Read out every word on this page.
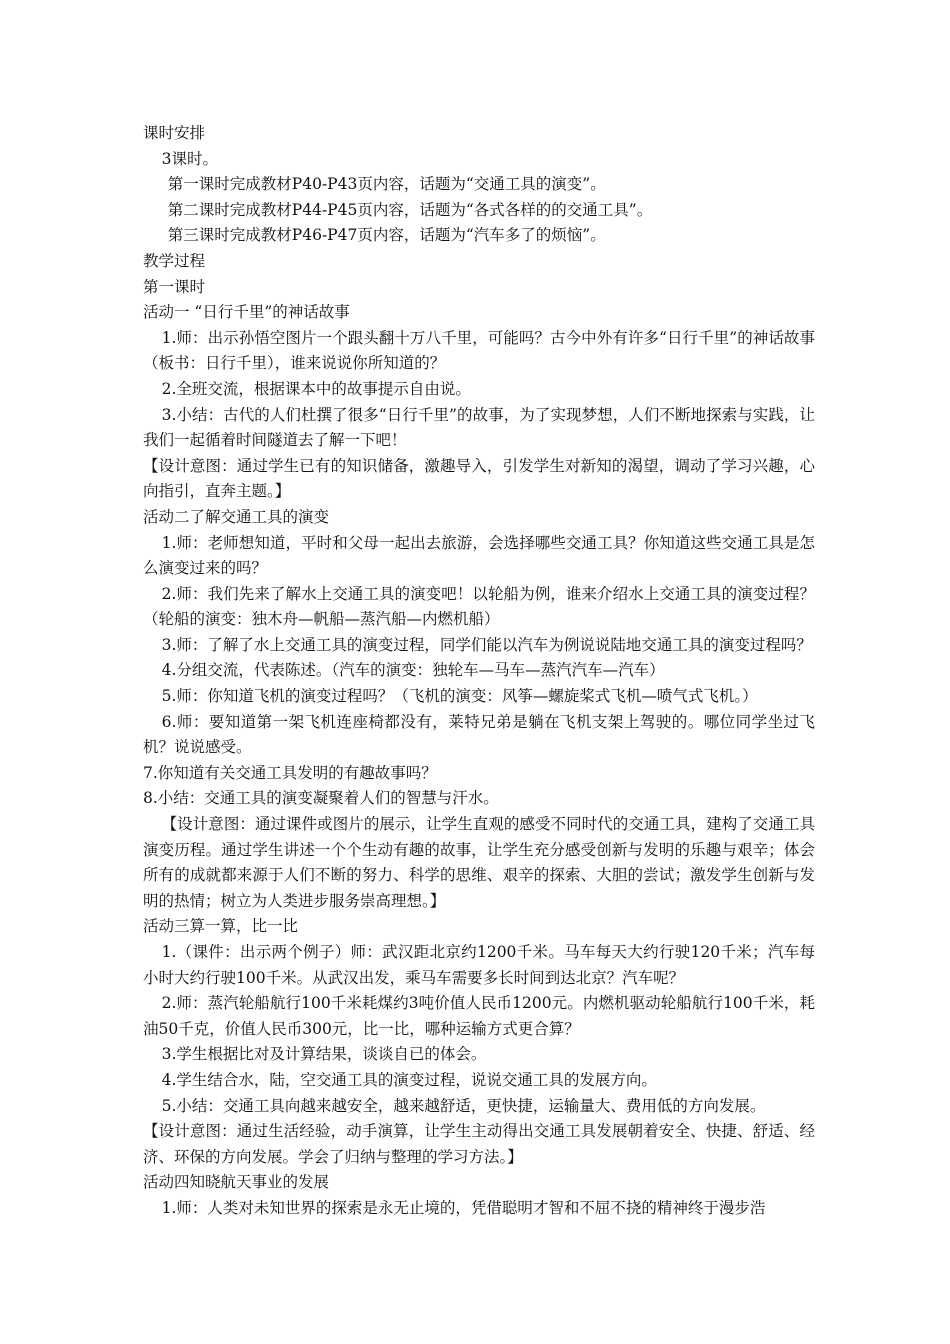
课时安排

3课时。

第一课时完成教材P40-P43页内容，话题为“交通工具的演变”。

第二课时完成教材P44-P45页内容，话题为“各式各样的的交通工具”。

第三课时完成教材P46-P47页内容，话题为“汽车多了的烦恼”。

教学过程

第一课时

活动一 “日行千里”的神话故事

1.师：出示孙悟空图片一个跟头翻十万八千里，可能吗？古今中外有许多“日行千里”的神话故事（板书：日行千里），谁来说说你所知道的？

2.全班交流，根据课本中的故事提示自由说。

3.小结：古代的人们杜撰了很多“日行千里”的故事，为了实现梦想，人们不断地探索与实践，让我们一起循着时间隧道去了解一下吧！

【设计意图：通过学生已有的知识储备，激趣导入，引发学生对新知的渴望，调动了学习兴趣，心向指引，直奔主题。】

活动二了解交通工具的演变

1.师：老师想知道，平时和父母一起出去旅游，会选择哪些交通工具？你知道这些交通工具是怎么演变过来的吗？

2.师：我们先来了解水上交通工具的演变吧！以轮船为例，谁来介绍水上交通工具的演变过程？（轮船的演变：独木舟—帆船—蒸汽船—内燃机船）

3.师：了解了水上交通工具的演变过程，同学们能以汽车为例说说陆地交通工具的演变过程吗？

4.分组交流，代表陈述。（汽车的演变：独轮车—马车—蒸汽汽车—汽车）

5.师：你知道飞机的演变过程吗？（飞机的演变：风筝—螺旋桨式飞机—喷气式飞机。）

6.师：要知道第一架飞机连座椅都没有，莱特兄弟是躺在飞机支架上驾驶的。哪位同学坐过飞机？说说感受。

7.你知道有关交通工具发明的有趣故事吗？

8.小结：交通工具的演变凝聚着人们的智慧与汗水。

【设计意图：通过课件或图片的展示，让学生直观的感受不同时代的交通工具，建构了交通工具演变历程。通过学生讲述一个个生动有趣的故事，让学生充分感受创新与发明的乐趣与艰辛；体会所有的成就都来源于人们不断的努力、科学的思维、艰辛的探索、大胆的尝试；激发学生创新与发明的热情；树立为人类进步服务崇高理想。】

活动三算一算，比一比

1.（课件：出示两个例子）师：武汉距北京约1200千米。马车每天大约行驶120千米；汽车每小时大约行驶100千米。从武汉出发，乘马车需要多长时间到达北京？汽车呢？

2.师：蒸汽轮船航行100千米耗煤约3吨价值人民币1200元。内燃机驱动轮船航行100千米，耗油50千克，价值人民币300元，比一比，哪种运输方式更合算？

3.学生根据比对及计算结果，谈谈自已的体会。

4.学生结合水，陆，空交通工具的演变过程，说说交通工具的发展方向。

5.小结：交通工具向越来越安全，越来越舒适，更快捷，运输量大、费用低的方向发展。

【设计意图：通过生活经验，动手演算，让学生主动得出交通工具发展朝着安全、快捷、舒适、经济、环保的方向发展。学会了归纳与整理的学习方法。】

活动四知晓航天事业的发展

1.师：人类对未知世界的探索是永无止境的，凭借聪明才智和不屈不挠的精神终于漫步浩
